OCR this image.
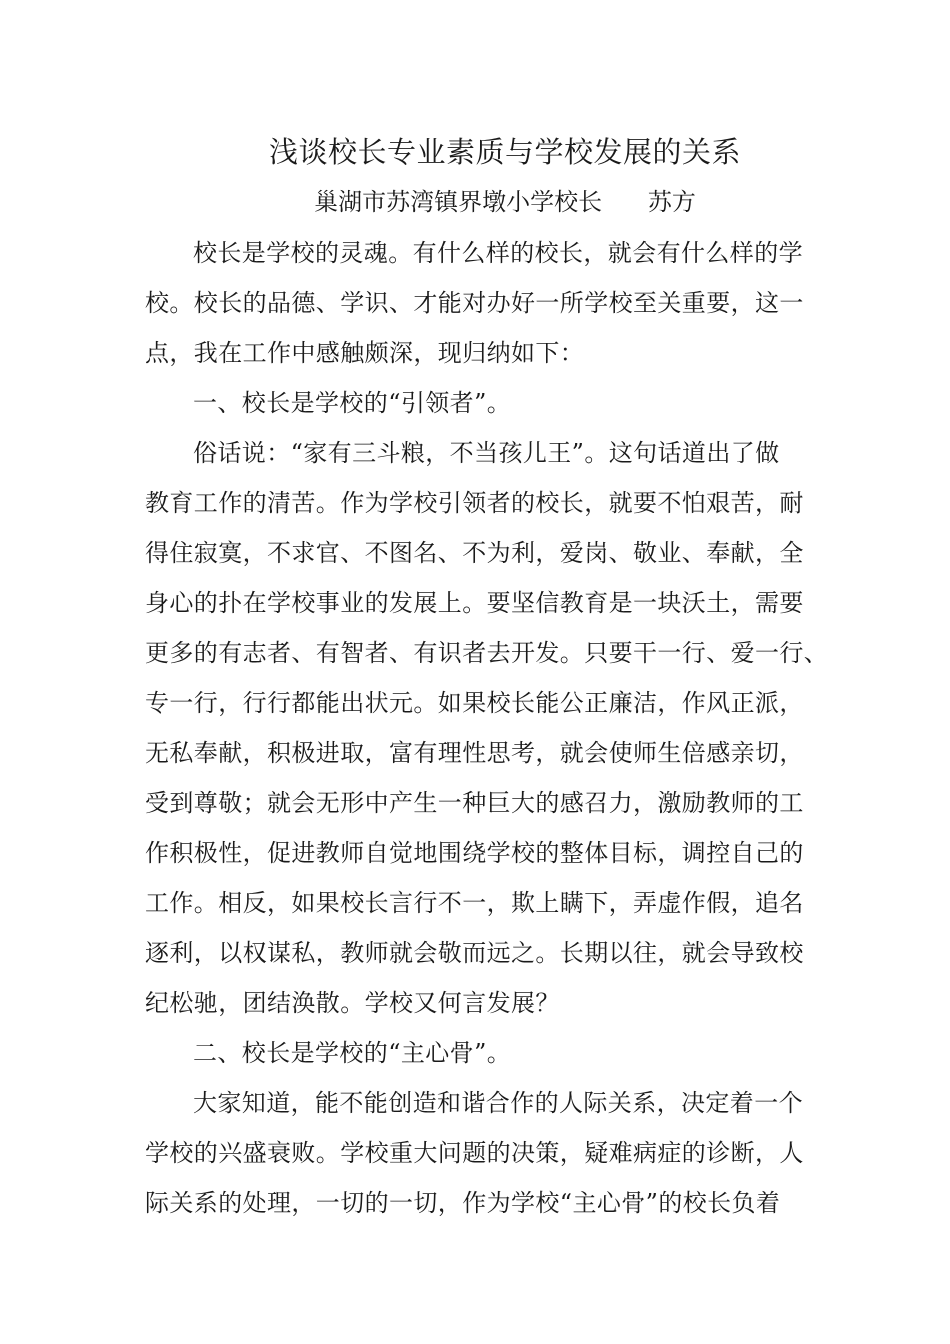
浅谈校长专业素质与学校发展的关系
巢湖市苏湾镇界墩小学校长      苏方
校长是学校的灵魂。有什么样的校长，就会有什么样的学
校。校长的品德、学识、才能对办好一所学校至关重要，这一
点，我在工作中感触颇深，现归纳如下：
一、校长是学校的“引领者”。
俗话说：“家有三斗粮，不当孩儿王”。这句话道出了做
教育工作的清苦。作为学校引领者的校长，就要不怕艰苦，耐
得住寂寞，不求官、不图名、不为利，爱岗、敬业、奉献，全
身心的扑在学校事业的发展上。要坚信教育是一块沃土，需要
更多的有志者、有智者、有识者去开发。只要干一行、爱一行、
专一行，行行都能出状元。如果校长能公正廉洁，作风正派，
无私奉献，积极进取，富有理性思考，就会使师生倍感亲切，
受到尊敬；就会无形中产生一种巨大的感召力，激励教师的工
作积极性，促进教师自觉地围绕学校的整体目标，调控自己的
工作。相反，如果校长言行不一，欺上瞒下，弄虚作假，追名
逐利，以权谋私，教师就会敬而远之。长期以往，就会导致校
纪松驰，团结涣散。学校又何言发展？
二、校长是学校的“主心骨”。
大家知道，能不能创造和谐合作的人际关系，决定着一个
学校的兴盛衰败。学校重大问题的决策，疑难病症的诊断，人
际关系的处理，一切的一切，作为学校“主心骨”的校长负着
